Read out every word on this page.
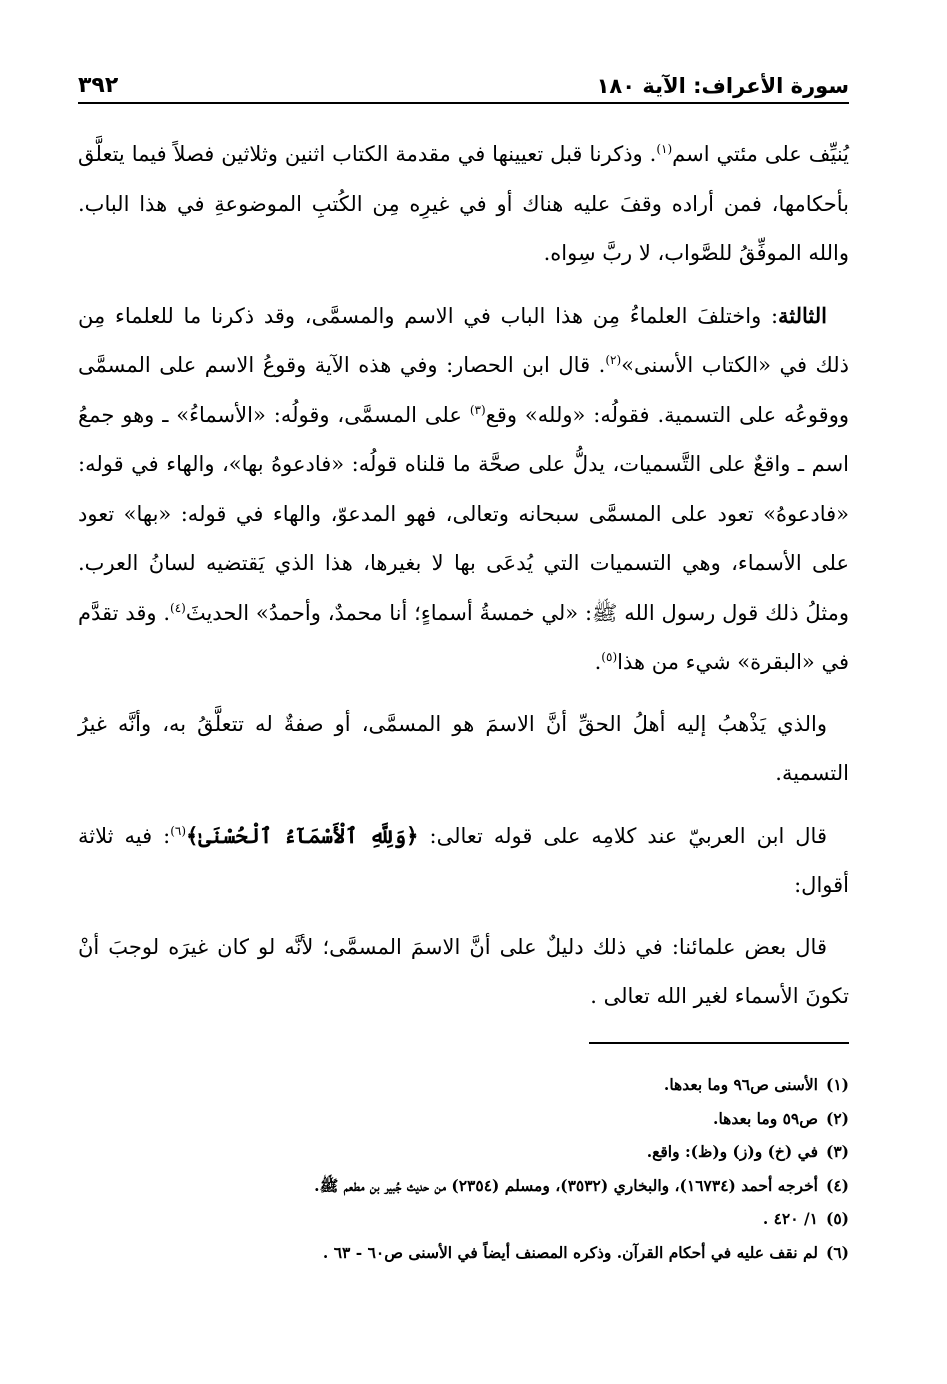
سورة الأعراف: الآية ١٨٠
٣٩٢

يُنيِّف على مئتي اسم$^{(١)}$. وذكرنا قبل تعيينها في مقدمة الكتاب اثنين وثلاثين فصلاً فيما يتعلَّق بأحكامها، فمن أراده وقفَ عليه هناك أو في غيرِه مِن الكُتبِ الموضوعةِ في هذا الباب. والله الموفِّقُ للصَّواب، لا ربَّ سِواه.

الثالثة: واختلفَ العلماءُ مِن هذا الباب في الاسم والمسمَّى، وقد ذكرنا ما للعلماء مِن ذلك في «الكتاب الأسنى»$^{(٢)}$. قال ابن الحصار: وفي هذه الآية وقوعُ الاسم على المسمَّى ووقوعُه على التسمية. فقولُه: «ولله» وقع$^{(٣)}$ على المسمَّى، وقولُه: «الأسماءُ» ـ وهو جمعُ اسم ـ واقعٌ على التَّسميات، يدلُّ على صحَّة ما قلناه قولُه: «فادعوهُ بها»، والهاء في قوله: «فادعوهُ» تعود على المسمَّى سبحانه وتعالى، فهو المدعوّ، والهاء في قوله: «بها» تعود على الأسماء، وهي التسميات التي يُدعَى بها لا بغيرها، هذا الذي يَقتضيه لسانُ العرب. ومثلُ ذلك قول رسول الله ﷺ: «لي خمسةُ أسماءٍ؛ أنا محمدٌ، وأحمدُ» الحديثَ$^{(٤)}$. وقد تقدَّم في «البقرة» شيء من هذا$^{(٥)}$.

والذي يَذْهبُ إليه أهلُ الحقِّ أنَّ الاسمَ هو المسمَّى، أو صفةٌ له تتعلَّقُ به، وأنَّه غيرُ التسمية.

قال ابن العربيّ عند كلامِه على قوله تعالى: ﴿وَلِلَّهِ ٱلْأَسْمَآءُ ٱلْحُسْنَىٰ﴾$^{(٦)}$: فيه ثلاثة أقوال:

قال بعض علمائنا: في ذلك دليلٌ على أنَّ الاسمَ المسمَّى؛ لأنَّه لو كان غيرَه لوجبَ أنْ تكونَ الأسماء لغير الله تعالى .

(١)الأسنى ص٩٦ وما بعدها.
(٢)ص٥٩ وما بعدها.
(٣)في (خ) و(ز) و(ظ): واقع.
(٤)أخرجه أحمد (١٦٧٣٤)، والبخاري (٣٥٣٢)، ومسلم (٢٣٥٤) من حديث جُبير بن مطعم ﷺ.
(٥)١/ ٤٢٠ .
(٦)لم نقف عليه في أحكام القرآن. وذكره المصنف أيضاً في الأسنى ص٦٠ - ٦٣ .
